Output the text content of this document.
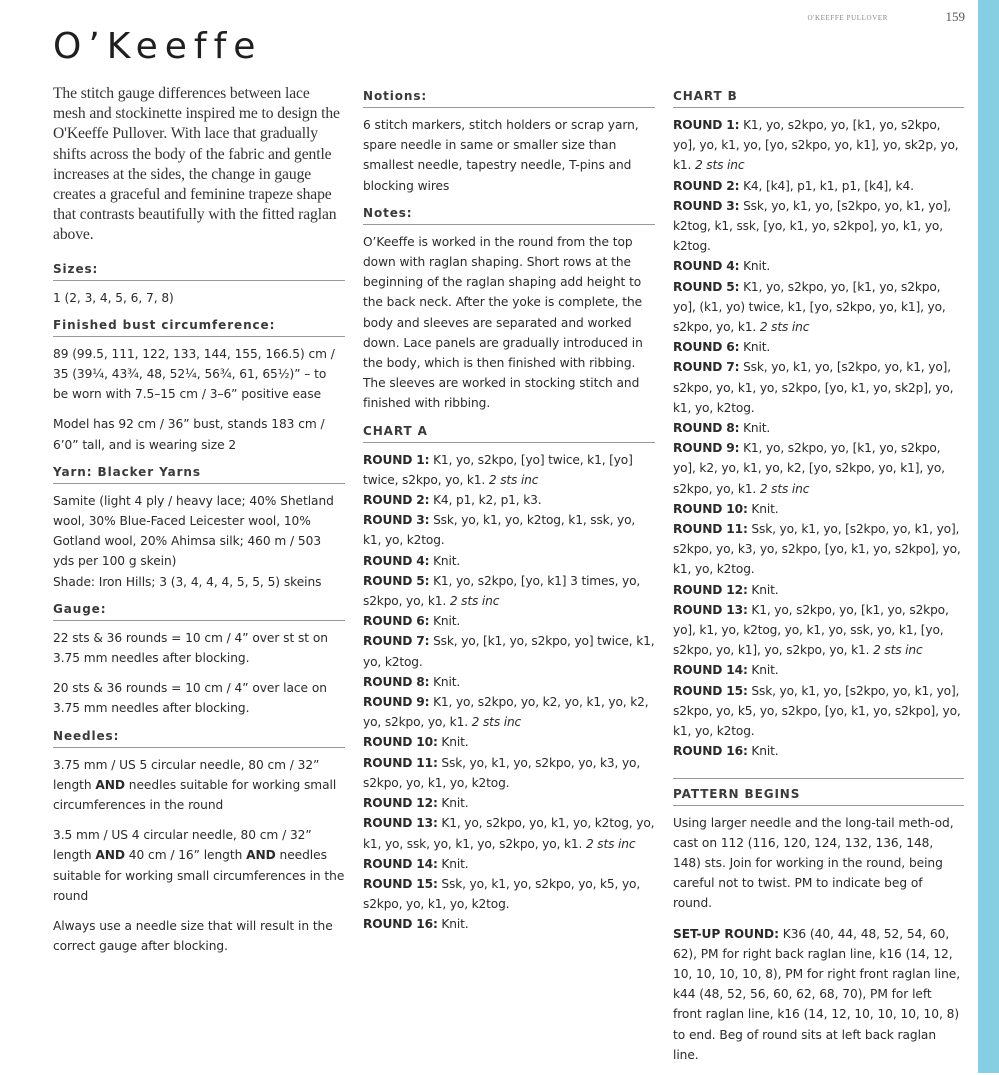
O'KEEFFE PULLOVER	159
O’Keeffe

The stitch gauge differences between lace mesh and stockinette inspired me to design the O'Keeffe Pullover. With lace that gradually shifts across the body of the fabric and gentle increases at the sides, the change in gauge creates a graceful and feminine trapeze shape that contrasts beautifully with the fitted raglan above.

Sizes:

1 (2, 3, 4, 5, 6, 7, 8)

Finished bust circumference:

89 (99.5, 111, 122, 133, 144, 155, 166.5) cm / 35 (39¼, 43¾, 48, 52¼, 56¾, 61, 65½)” – to be worn with 7.5–15 cm / 3–6” positive ease

Model has 92 cm / 36” bust, stands 183 cm / 6’0” tall, and is wearing size 2

Yarn: Blacker Yarns

Samite (light 4 ply / heavy lace; 40% Shetland wool, 30% Blue-Faced Leicester wool, 10% Gotland wool, 20% Ahimsa silk; 460 m / 503 yds per 100 g skein)

Shade: Iron Hills; 3 (3, 4, 4, 4, 5, 5, 5) skeins

Gauge:

22 sts & 36 rounds = 10 cm / 4” over st st on 3.75 mm needles after blocking.

20 sts & 36 rounds = 10 cm / 4” over lace on 3.75 mm needles after blocking.

Needles:

3.75 mm / US 5 circular needle, 80 cm / 32” length AND needles suitable for working small circumferences in the round

3.5 mm / US 4 circular needle, 80 cm / 32” length AND 40 cm / 16” length AND needles suitable for working small circumferences in the round

Always use a needle size that will result in the correct gauge after blocking.

Notions:

6 stitch markers, stitch holders or scrap yarn, spare needle in same or smaller size than smallest needle, tapestry needle, T-pins and blocking wires

Notes:

O’Keeffe is worked in the round from the top down with raglan shaping. Short rows at the beginning of the raglan shaping add height to the back neck. After the yoke is complete, the body and sleeves are separated and worked down. Lace panels are gradually introduced in the body, which is then finished with ribbing. The sleeves are worked in stocking stitch and finished with ribbing.

CHART A

ROUND 1: K1, yo, s2kpo, [yo] twice, k1, [yo] twice, s2kpo, yo, k1. 2 sts inc

ROUND 2: K4, p1, k2, p1, k3.

ROUND 3: Ssk, yo, k1, yo, k2tog, k1, ssk, yo, k1, yo, k2tog.

ROUND 4: Knit.

ROUND 5: K1, yo, s2kpo, [yo, k1] 3 times, yo, s2kpo, yo, k1. 2 sts inc

ROUND 6: Knit.

ROUND 7: Ssk, yo, [k1, yo, s2kpo, yo] twice, k1, yo, k2tog.

ROUND 8: Knit.

ROUND 9: K1, yo, s2kpo, yo, k2, yo, k1, yo, k2, yo, s2kpo, yo, k1. 2 sts inc

ROUND 10: Knit.

ROUND 11: Ssk, yo, k1, yo, s2kpo, yo, k3, yo, s2kpo, yo, k1, yo, k2tog.

ROUND 12: Knit.

ROUND 13: K1, yo, s2kpo, yo, k1, yo, k2tog, yo, k1, yo, ssk, yo, k1, yo, s2kpo, yo, k1. 2 sts inc

ROUND 14: Knit.

ROUND 15: Ssk, yo, k1, yo, s2kpo, yo, k5, yo, s2kpo, yo, k1, yo, k2tog.

ROUND 16: Knit.

CHART B

ROUND 1: K1, yo, s2kpo, yo, [k1, yo, s2kpo, yo], yo, k1, yo, [yo, s2kpo, yo, k1], yo, sk2p, yo, k1. 2 sts inc

ROUND 2: K4, [k4], p1, k1, p1, [k4], k4.

ROUND 3: Ssk, yo, k1, yo, [s2kpo, yo, k1, yo], k2tog, k1, ssk, [yo, k1, yo, s2kpo], yo, k1, yo, k2tog.

ROUND 4: Knit.

ROUND 5: K1, yo, s2kpo, yo, [k1, yo, s2kpo, yo], (k1, yo) twice, k1, [yo, s2kpo, yo, k1], yo, s2kpo, yo, k1. 2 sts inc

ROUND 6: Knit.

ROUND 7: Ssk, yo, k1, yo, [s2kpo, yo, k1, yo], s2kpo, yo, k1, yo, s2kpo, [yo, k1, yo, sk2p], yo, k1, yo, k2tog.

ROUND 8: Knit.

ROUND 9: K1, yo, s2kpo, yo, [k1, yo, s2kpo, yo], k2, yo, k1, yo, k2, [yo, s2kpo, yo, k1], yo, s2kpo, yo, k1. 2 sts inc

ROUND 10: Knit.

ROUND 11: Ssk, yo, k1, yo, [s2kpo, yo, k1, yo], s2kpo, yo, k3, yo, s2kpo, [yo, k1, yo, s2kpo], yo, k1, yo, k2tog.

ROUND 12: Knit.

ROUND 13: K1, yo, s2kpo, yo, [k1, yo, s2kpo, yo], k1, yo, k2tog, yo, k1, yo, ssk, yo, k1, [yo, s2kpo, yo, k1], yo, s2kpo, yo, k1. 2 sts inc

ROUND 14: Knit.

ROUND 15: Ssk, yo, k1, yo, [s2kpo, yo, k1, yo], s2kpo, yo, k5, yo, s2kpo, [yo, k1, yo, s2kpo], yo, k1, yo, k2tog.

ROUND 16: Knit.

PATTERN BEGINS

Using larger needle and the long-tail meth-od, cast on 112 (116, 120, 124, 132, 136, 148, 148) sts. Join for working in the round, being careful not to twist. PM to indicate beg of round.

SET-UP ROUND: K36 (40, 44, 48, 52, 54, 60, 62), PM for right back raglan line, k16 (14, 12, 10, 10, 10, 10, 8), PM for right front raglan line, k44 (48, 52, 56, 60, 62, 68, 70), PM for left front raglan line, k16 (14, 12, 10, 10, 10, 10, 8) to end. Beg of round sits at left back raglan line.
